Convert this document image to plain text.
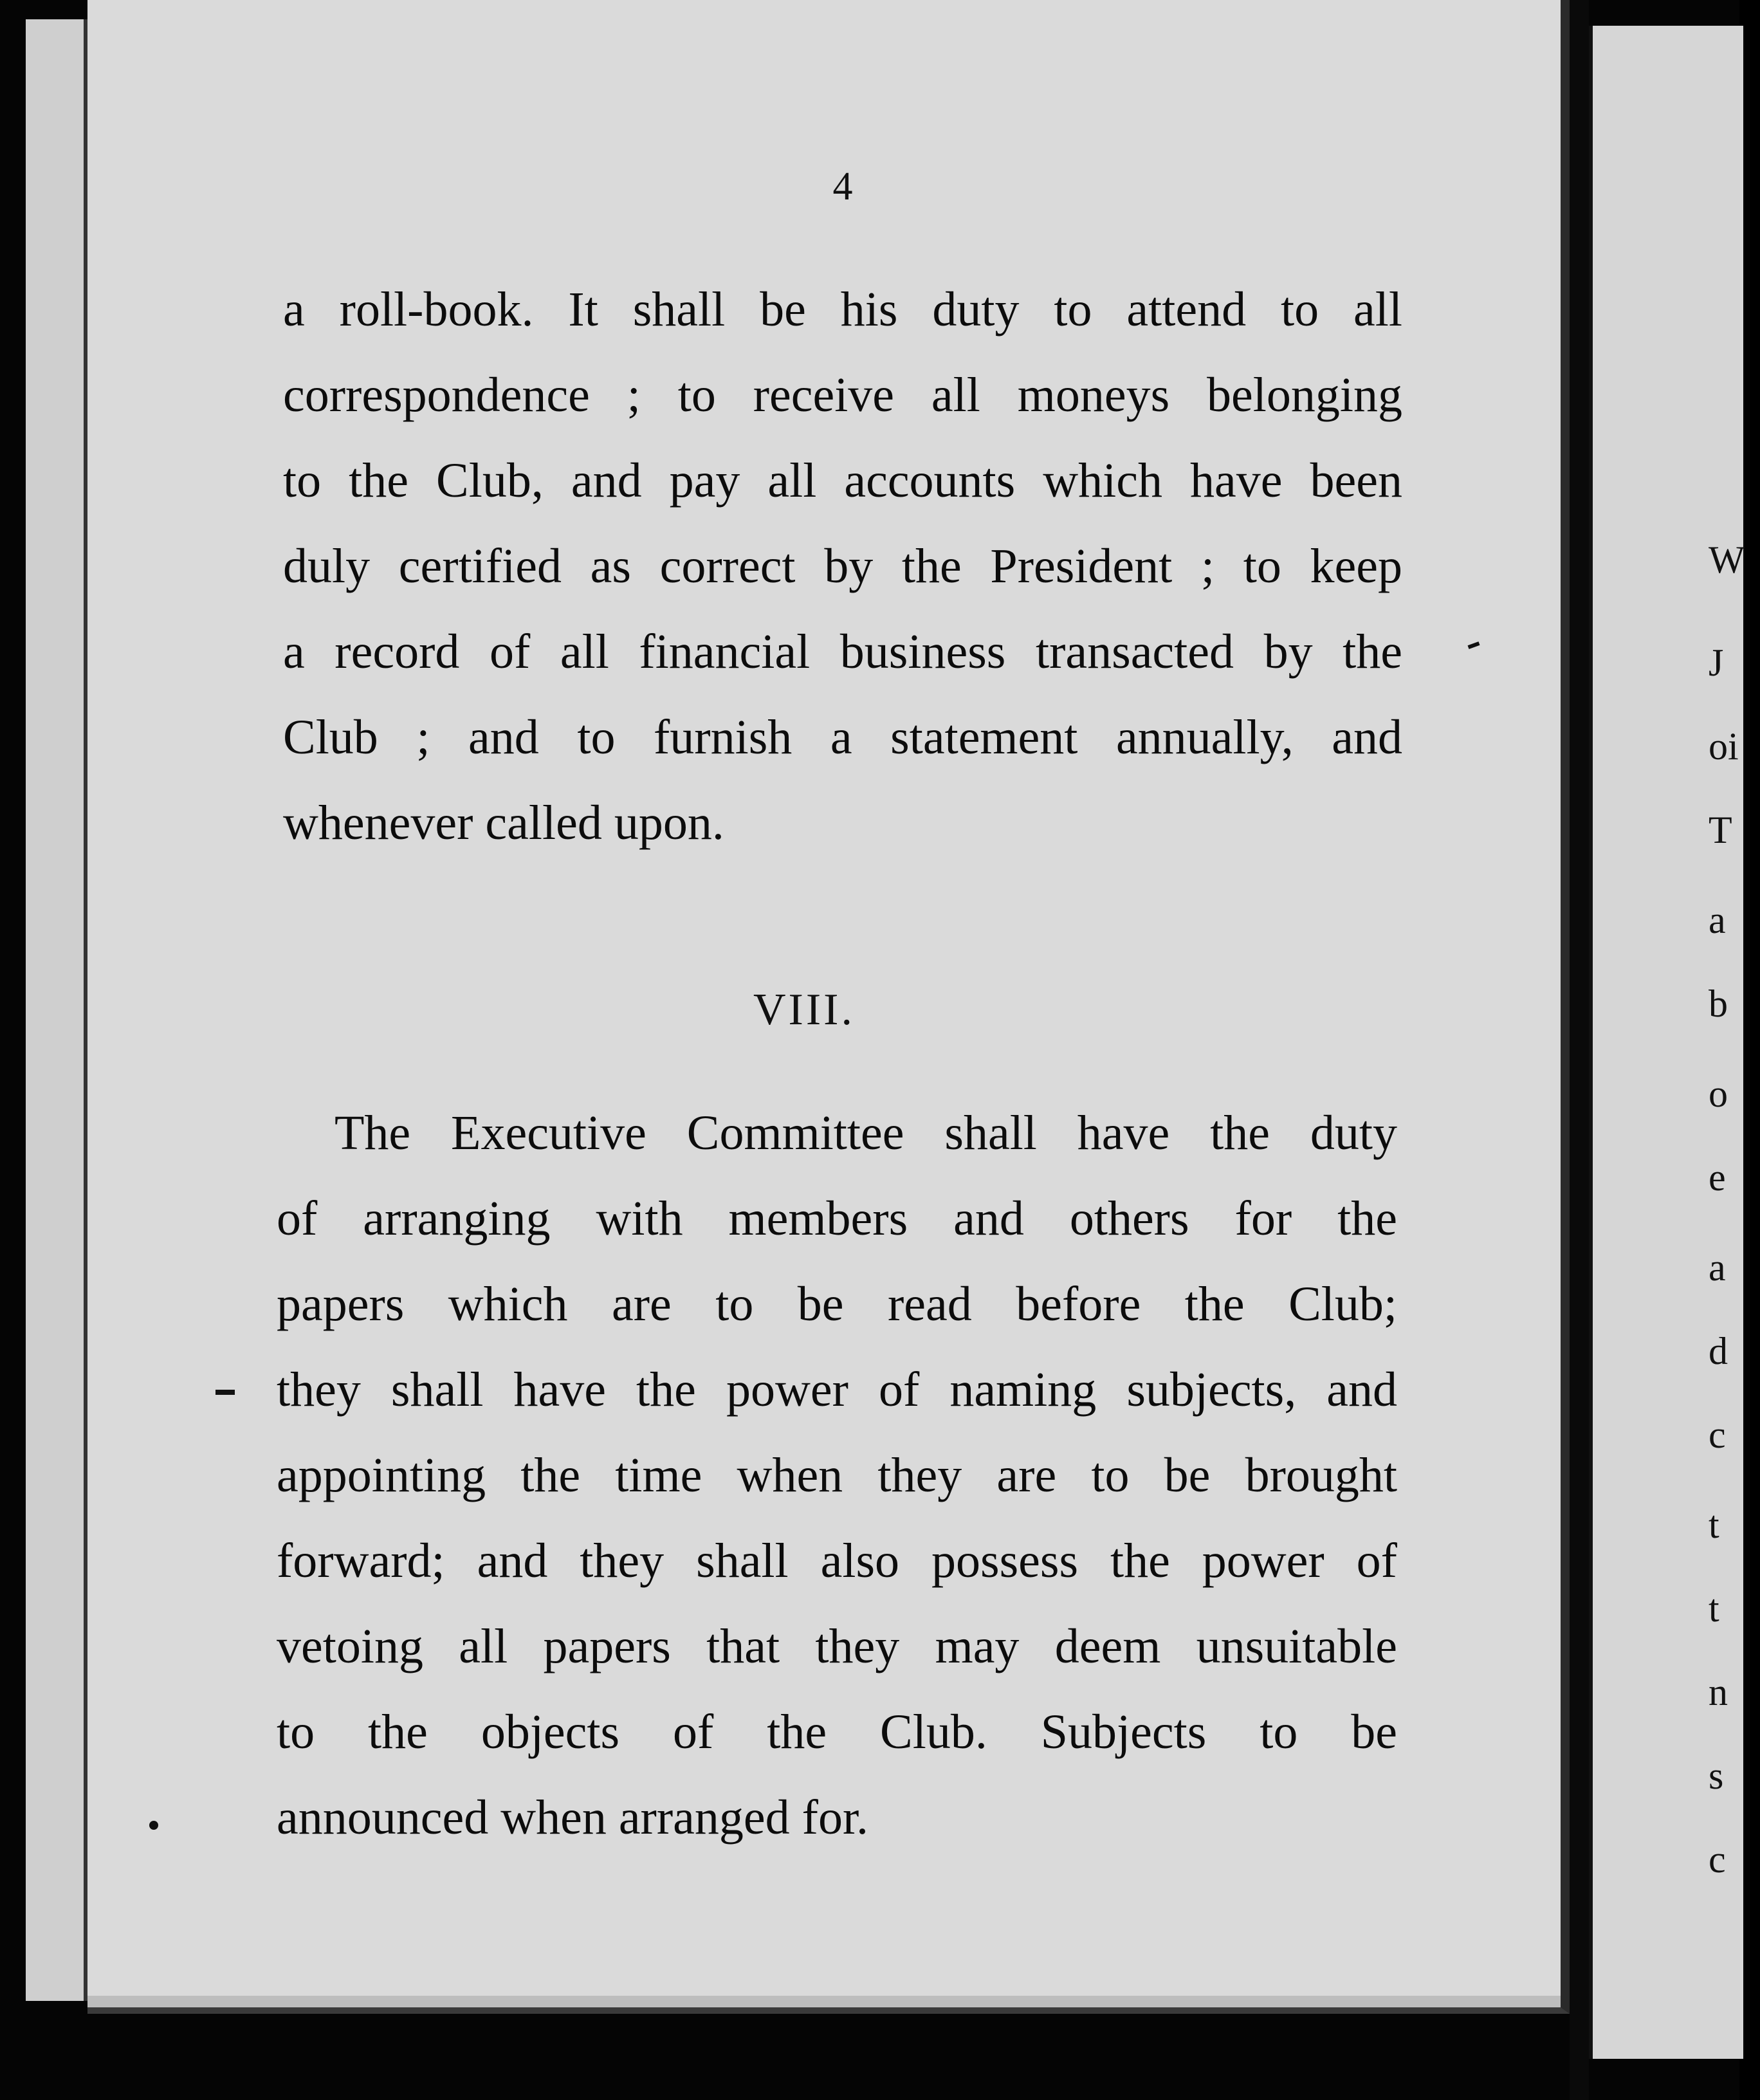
W
J
oi
T
a
b
o
e
a
d
c
t
t
n
s
c
4

a roll-book. It shall be his duty to attend to all
correspondence ; to receive all moneys belonging
to the Club, and pay all accounts which have been
duly certified as correct by the President ; to keep
a record of all financial business transacted by the
Club ; and to furnish a statement annually, and
whenever called upon.

VIII.

The Executive Committee shall have the duty
of arranging with members and others for the
papers which are to be read before the Club;
they shall have the power of naming subjects, and
appointing the time when they are to be brought
forward; and they shall also possess the power of
vetoing all papers that they may deem unsuitable
to the objects of the Club. Subjects to be
announced when arranged for.
